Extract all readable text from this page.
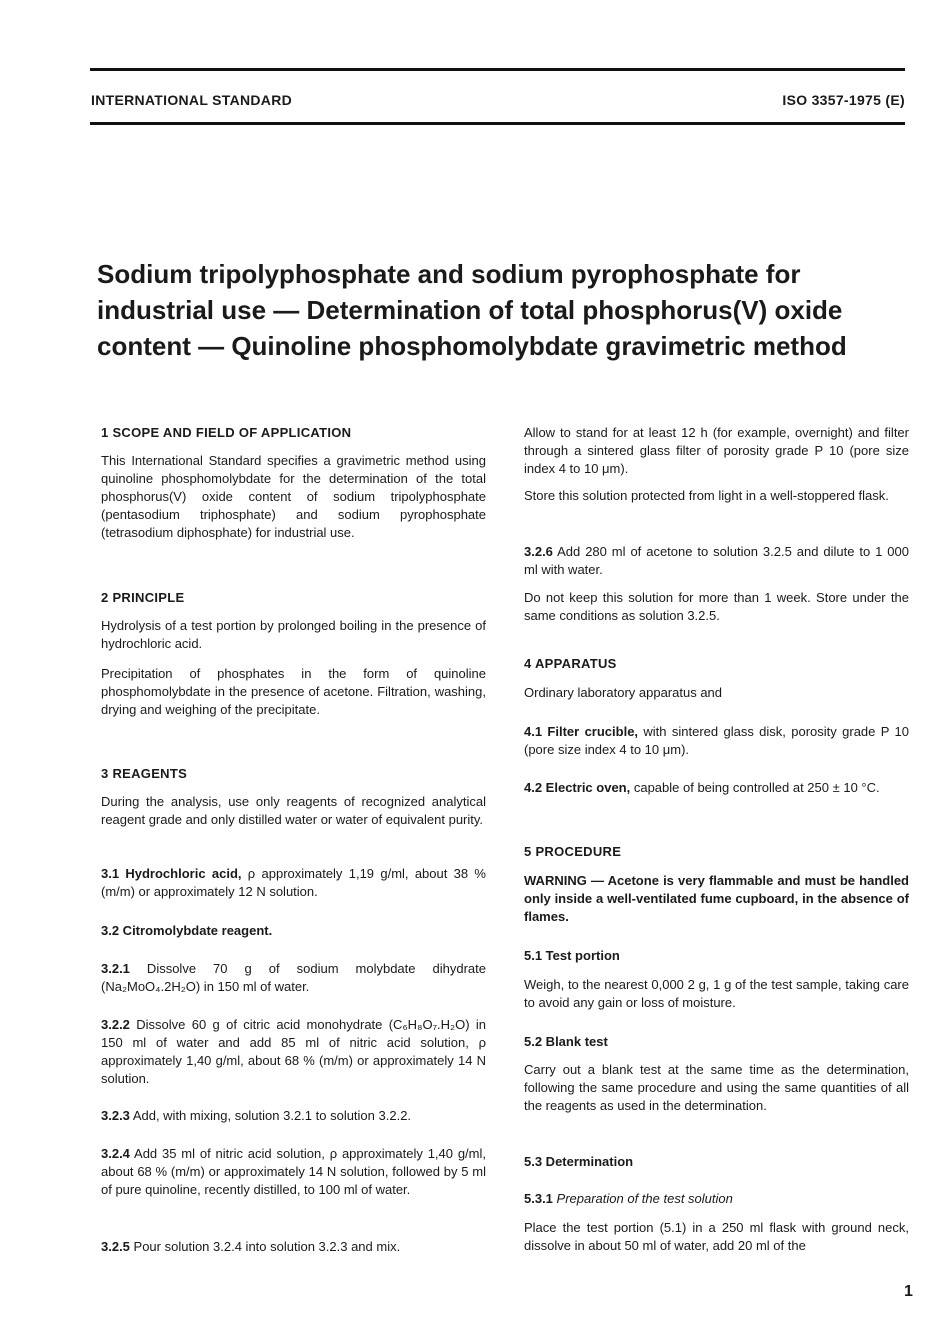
INTERNATIONAL STANDARD	ISO 3357-1975 (E)
Sodium tripolyphosphate and sodium pyrophosphate for industrial use — Determination of total phosphorus(V) oxide content — Quinoline phosphomolybdate gravimetric method

1 SCOPE AND FIELD OF APPLICATION

This International Standard specifies a gravimetric method using quinoline phosphomolybdate for the determination of the total phosphorus(V) oxide content of sodium tripolyphosphate (pentasodium triphosphate) and sodium pyrophosphate (tetrasodium diphosphate) for industrial use.

2 PRINCIPLE

Hydrolysis of a test portion by prolonged boiling in the presence of hydrochloric acid.

Precipitation of phosphates in the form of quinoline phosphomolybdate in the presence of acetone. Filtration, washing, drying and weighing of the precipitate.

3 REAGENTS

During the analysis, use only reagents of recognized analytical reagent grade and only distilled water or water of equivalent purity.

3.1 Hydrochloric acid, ρ approximately 1,19 g/ml, about 38 % (m/m) or approximately 12 N solution.

3.2 Citromolybdate reagent.

3.2.1 Dissolve 70 g of sodium molybdate dihydrate (Na₂MoO₄.2H₂O) in 150 ml of water.

3.2.2 Dissolve 60 g of citric acid monohydrate (C₆H₈O₇.H₂O) in 150 ml of water and add 85 ml of nitric acid solution, ρ approximately 1,40 g/ml, about 68 % (m/m) or approximately 14 N solution.

3.2.3 Add, with mixing, solution 3.2.1 to solution 3.2.2.

3.2.4 Add 35 ml of nitric acid solution, ρ approximately 1,40 g/ml, about 68 % (m/m) or approximately 14 N solution, followed by 5 ml of pure quinoline, recently distilled, to 100 ml of water.

3.2.5 Pour solution 3.2.4 into solution 3.2.3 and mix.

Allow to stand for at least 12 h (for example, overnight) and filter through a sintered glass filter of porosity grade P 10 (pore size index 4 to 10 μm).

Store this solution protected from light in a well-stoppered flask.

3.2.6 Add 280 ml of acetone to solution 3.2.5 and dilute to 1 000 ml with water.

Do not keep this solution for more than 1 week. Store under the same conditions as solution 3.2.5.

4 APPARATUS

Ordinary laboratory apparatus and

4.1 Filter crucible, with sintered glass disk, porosity grade P 10 (pore size index 4 to 10 μm).

4.2 Electric oven, capable of being controlled at 250 ± 10 °C.

5 PROCEDURE

WARNING — Acetone is very flammable and must be handled only inside a well-ventilated fume cupboard, in the absence of flames.

5.1 Test portion

Weigh, to the nearest 0,000 2 g, 1 g of the test sample, taking care to avoid any gain or loss of moisture.

5.2 Blank test

Carry out a blank test at the same time as the determination, following the same procedure and using the same quantities of all the reagents as used in the determination.

5.3 Determination

5.3.1 Preparation of the test solution

Place the test portion (5.1) in a 250 ml flask with ground neck, dissolve in about 50 ml of water, add 20 ml of the

1
